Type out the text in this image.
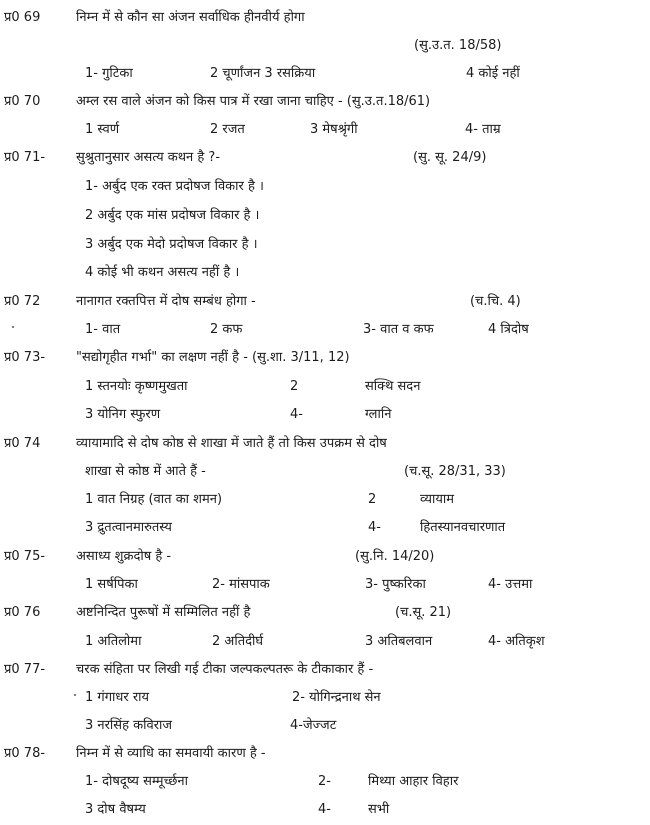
प्र0 69	निम्न में से कौन सा अंजन सर्वाधिक हीनवीर्य होगा
(सु.उ.त. 18/58)
1- गुटिका	2 चूर्णांजन 3 रसक्रिया	4 कोई नहीं
प्र0 70	अम्ल रस वाले अंजन को किस पात्र में रखा जाना चाहिए - (सु.उ.त.18/61)
1 स्वर्ण	2 रजत	3 मेषश्रृंगी	4- ताम्र
प्र0 71- सुश्रुतानुसार असत्य कथन है ?-	(सु. सू. 24/9)
1- अर्बुद एक रक्त प्रदोषज विकार है ।
2 अर्बुद एक मांस प्रदोषज विकार है ।
3 अर्बुद एक मेदो प्रदोषज विकार है ।
4 कोई भी कथन असत्य नहीं है ।
प्र0 72	नानागत रक्तपित्त में दोष सम्बंध होगा -	(च.चि. 4)
1- वात	2 कफ	3- वात व कफ	4 त्रिदोष
प्र0 73- "सद्योगृहीत गर्भा" का लक्षण नहीं है - (सु.शा. 3/11, 12)
1 स्तनयोः कृष्णमुखता	2	सक्थि सदन
3 योनिग स्फुरण	4-	ग्लानि
प्र0 74	व्यायामादि से दोष कोष्ठ से शाखा में जाते हैं तो किस उपक्रम से दोष
शाखा से कोष्ठ में आते हैं -	(च.सू. 28/31, 33)
1 वात निग्रह (वात का शमन)	2	व्यायाम
3 द्रुतत्वानमारुतस्य	4-	हितस्यानवचारणात
प्र0 75- असाध्य शुक्रदोष है -	(सु.नि. 14/20)
1 सर्षपिका	2- मांसपाक	3- पुष्करिका	4- उत्तमा
प्र0 76	अष्टनिन्दित पुरूषों में सम्मिलित नहीं है	(च.सू. 21)
1 अतिलोमा	2 अतिदीर्घ	3 अतिबलवान	4- अतिकृश
प्र0 77- चरक संहिता पर लिखी गई टीका जल्पकल्पतरू के टीकाकार हैं -
1 गंगाधर राय	2- योगिन्द्रनाथ सेन
3 नरसिंह कविराज	4-जेज्जट
प्र0 78- निम्न में से व्याधि का समवायी कारण है -
1- दोषदूष्य सम्मूर्च्छना	2-	मिथ्या आहार विहार
3 दोष वैषम्य	4-	सभी
